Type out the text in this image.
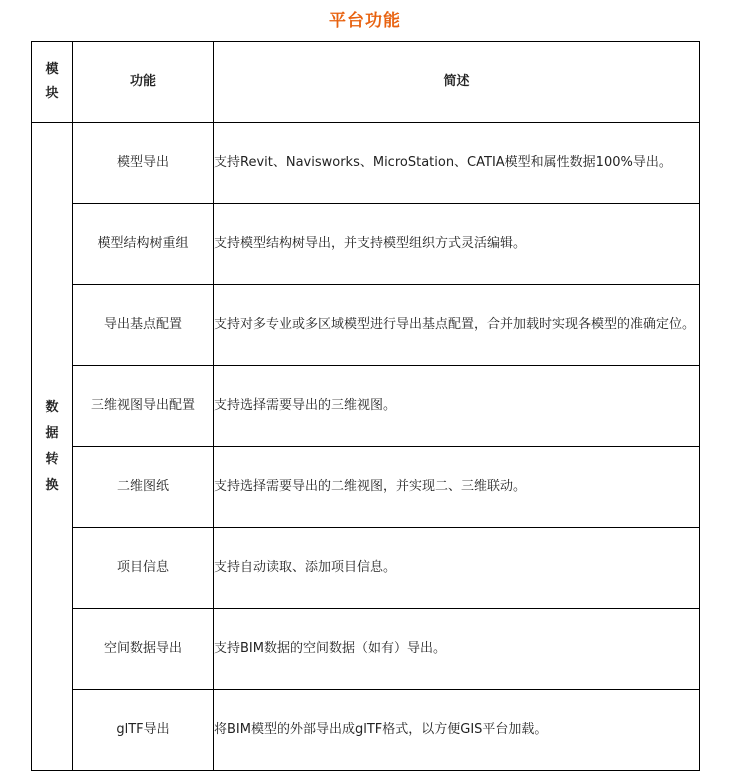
平台功能
模块	功能	简述

数据转换	模型导出	支持Revit、Navisworks、MicroStation、CATIA模型和属性数据100%导出。
	模型结构树重组	支持模型结构树导出，并支持模型组织方式灵活编辑。
	导出基点配置	支持对多专业或多区域模型进行导出基点配置，合并加载时实现各模型的准确定位。
	三维视图导出配置	支持选择需要导出的三维视图。
	二维图纸	支持选择需要导出的二维视图，并实现二、三维联动。
	项目信息	支持自动读取、添加项目信息。
	空间数据导出	支持BIM数据的空间数据（如有）导出。
	glTF导出	将BIM模型的外部导出成glTF格式，以方便GIS平台加载。
